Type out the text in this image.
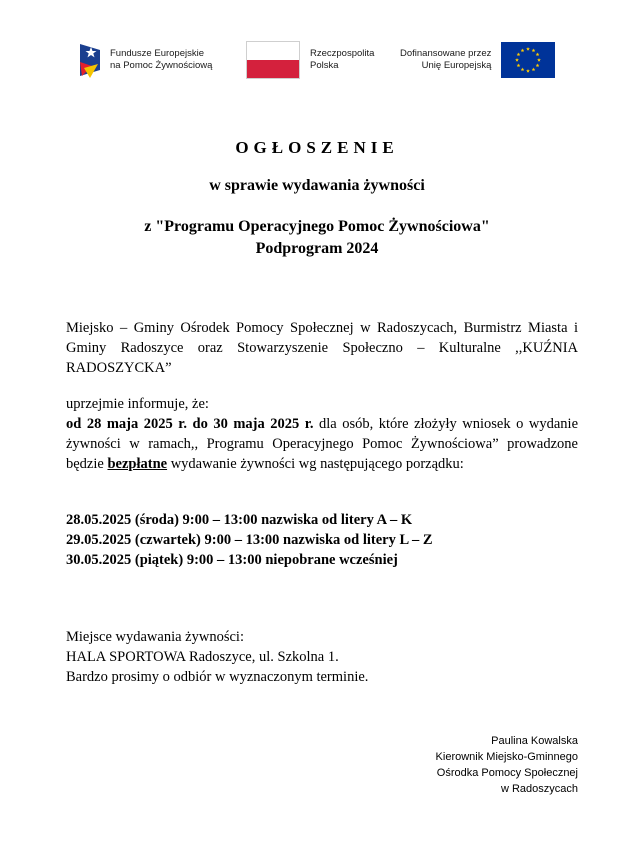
Fundusze Europejskie
na Pomoc Żywnościową
Rzeczpospolita
Polska
Dofinansowane przez
Unię Europejską
OGŁOSZENIE
w sprawie wydawania żywności
z "Programu Operacyjnego Pomoc Żywnościowa"
Podprogram 2024
Miejsko – Gminy Ośrodek Pomocy Społecznej w Radoszycach, Burmistrz Miasta i Gminy Radoszyce oraz Stowarzyszenie Społeczno – Kulturalne ,,KUŹNIA RADOSZYCKA”
uprzejmie informuje, że:
od 28 maja 2025 r. do 30 maja 2025 r. dla osób, które złożyły wniosek o wydanie żywności w ramach,, Programu Operacyjnego Pomoc Żywnościowa” prowadzone będzie bezpłatne wydawanie żywności wg następującego porządku:
28.05.2025 (środa) 9:00 – 13:00 nazwiska od litery A – K
29.05.2025 (czwartek) 9:00 – 13:00 nazwiska od litery L – Z
30.05.2025 (piątek) 9:00 – 13:00 niepobrane wcześniej
Miejsce wydawania żywności:
HALA SPORTOWA Radoszyce, ul. Szkolna 1.
Bardzo prosimy o odbiór w wyznaczonym terminie.
Paulina Kowalska
Kierownik Miejsko-Gminnego
Ośrodka Pomocy Społecznej
w Radoszycach
